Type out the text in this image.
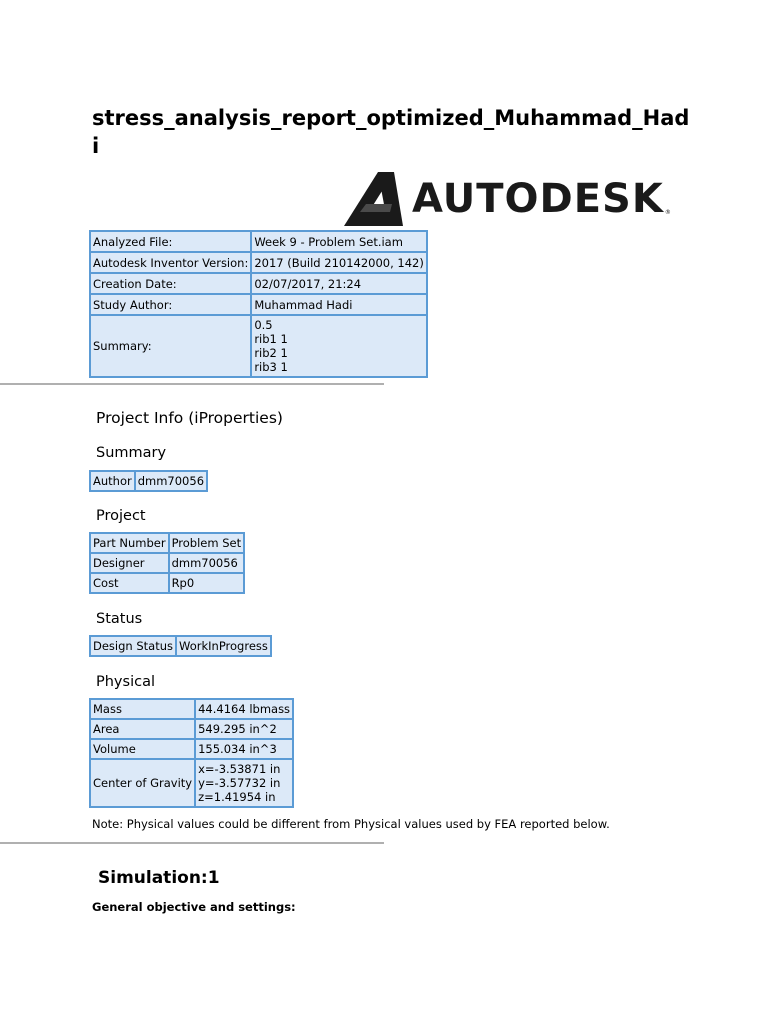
stress_analysis_report_optimized_Muhammad_Hadi
AUTODESK ®
Analyzed File:	Week 9 - Problem Set.iam
Autodesk Inventor Version:	2017 (Build 210142000, 142)
Creation Date:	02/07/2017, 21:24
Study Author:	Muhammad Hadi
Summary:	0.5
rib1 1
rib2 1
rib3 1
Project Info (iProperties)
Summary
Author	dmm70056
Project
Part Number	Problem Set
Designer	dmm70056
Cost	Rp0
Status
Design Status	WorkInProgress
Physical
Mass	44.4164 lbmass
Area	549.295 in^2
Volume	155.034 in^3
Center of Gravity	x=-3.53871 in
y=-3.57732 in
z=1.41954 in

Note: Physical values could be different from Physical values used by FEA reported below.

Simulation:1

General objective and settings:
